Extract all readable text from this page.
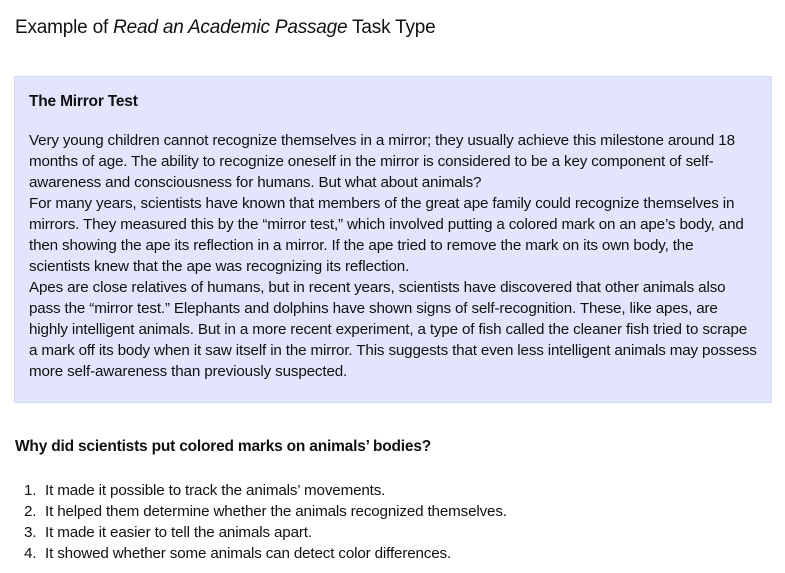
Example of Read an Academic Passage Task Type
The Mirror Test

Very young children cannot recognize themselves in a mirror; they usually achieve this milestone around 18 months of age. The ability to recognize oneself in the mirror is considered to be a key component of self-awareness and consciousness for humans. But what about animals?

For many years, scientists have known that members of the great ape family could recognize themselves in mirrors. They measured this by the “mirror test,” which involved putting a colored mark on an ape’s body, and then showing the ape its reflection in a mirror. If the ape tried to remove the mark on its own body, the scientists knew that the ape was recognizing its reflection.

Apes are close relatives of humans, but in recent years, scientists have discovered that other animals also pass the “mirror test.” Elephants and dolphins have shown signs of self-recognition. These, like apes, are highly intelligent animals. But in a more recent experiment, a type of fish called the cleaner fish tried to scrape a mark off its body when it saw itself in the mirror. This suggests that even less intelligent animals may possess more self-awareness than previously suspected.

Why did scientists put colored marks on animals’ bodies?
1. It made it possible to track the animals’ movements.
2. It helped them determine whether the animals recognized themselves.
3. It made it easier to tell the animals apart.
4. It showed whether some animals can detect color differences.
